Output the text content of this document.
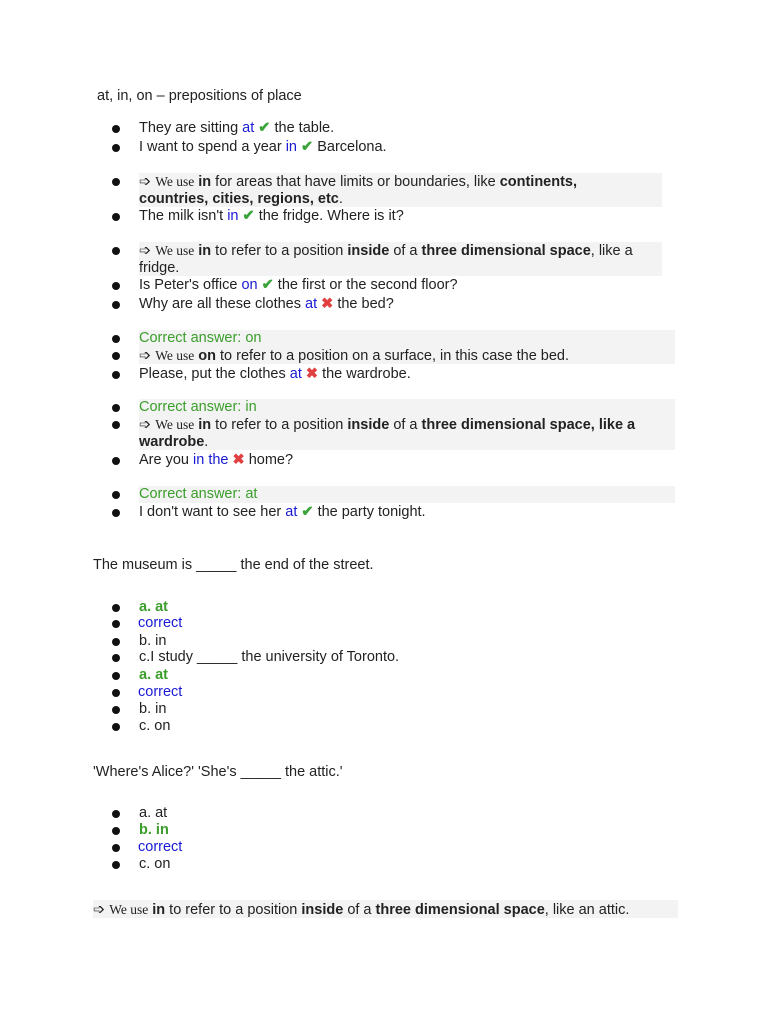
at, in, on – prepositions of place
They are sitting at ✔ the table.
I want to spend a year in ✔ Barcelona.
➩ We use in for areas that have limits or boundaries, like continents,
countries, cities, regions, etc.
The milk isn't in ✔ the fridge. Where is it?
➩ We use in to refer to a position inside of a three dimensional space, like a
fridge.
Is Peter's office on ✔ the first or the second floor?
Why are all these clothes at ✖ the bed?
Correct answer: on
➩ We use on to refer to a position on a surface, in this case the bed.
Please, put the clothes at ✖ the wardrobe.
Correct answer: in
➩ We use in to refer to a position inside of a three dimensional space, like a
wardrobe.
Are you in the ✖ home?
Correct answer: at
I don't want to see her at ✔ the party tonight.
The museum is _____ the end of the street.
a. at
correct
b. in
c.I study _____ the university of Toronto.
a. at
correct
b. in
c. on
'Where's Alice?' 'She's _____ the attic.'
a. at
b. in
correct
c. on
➩ We use in to refer to a position inside of a three dimensional space, like an attic.
